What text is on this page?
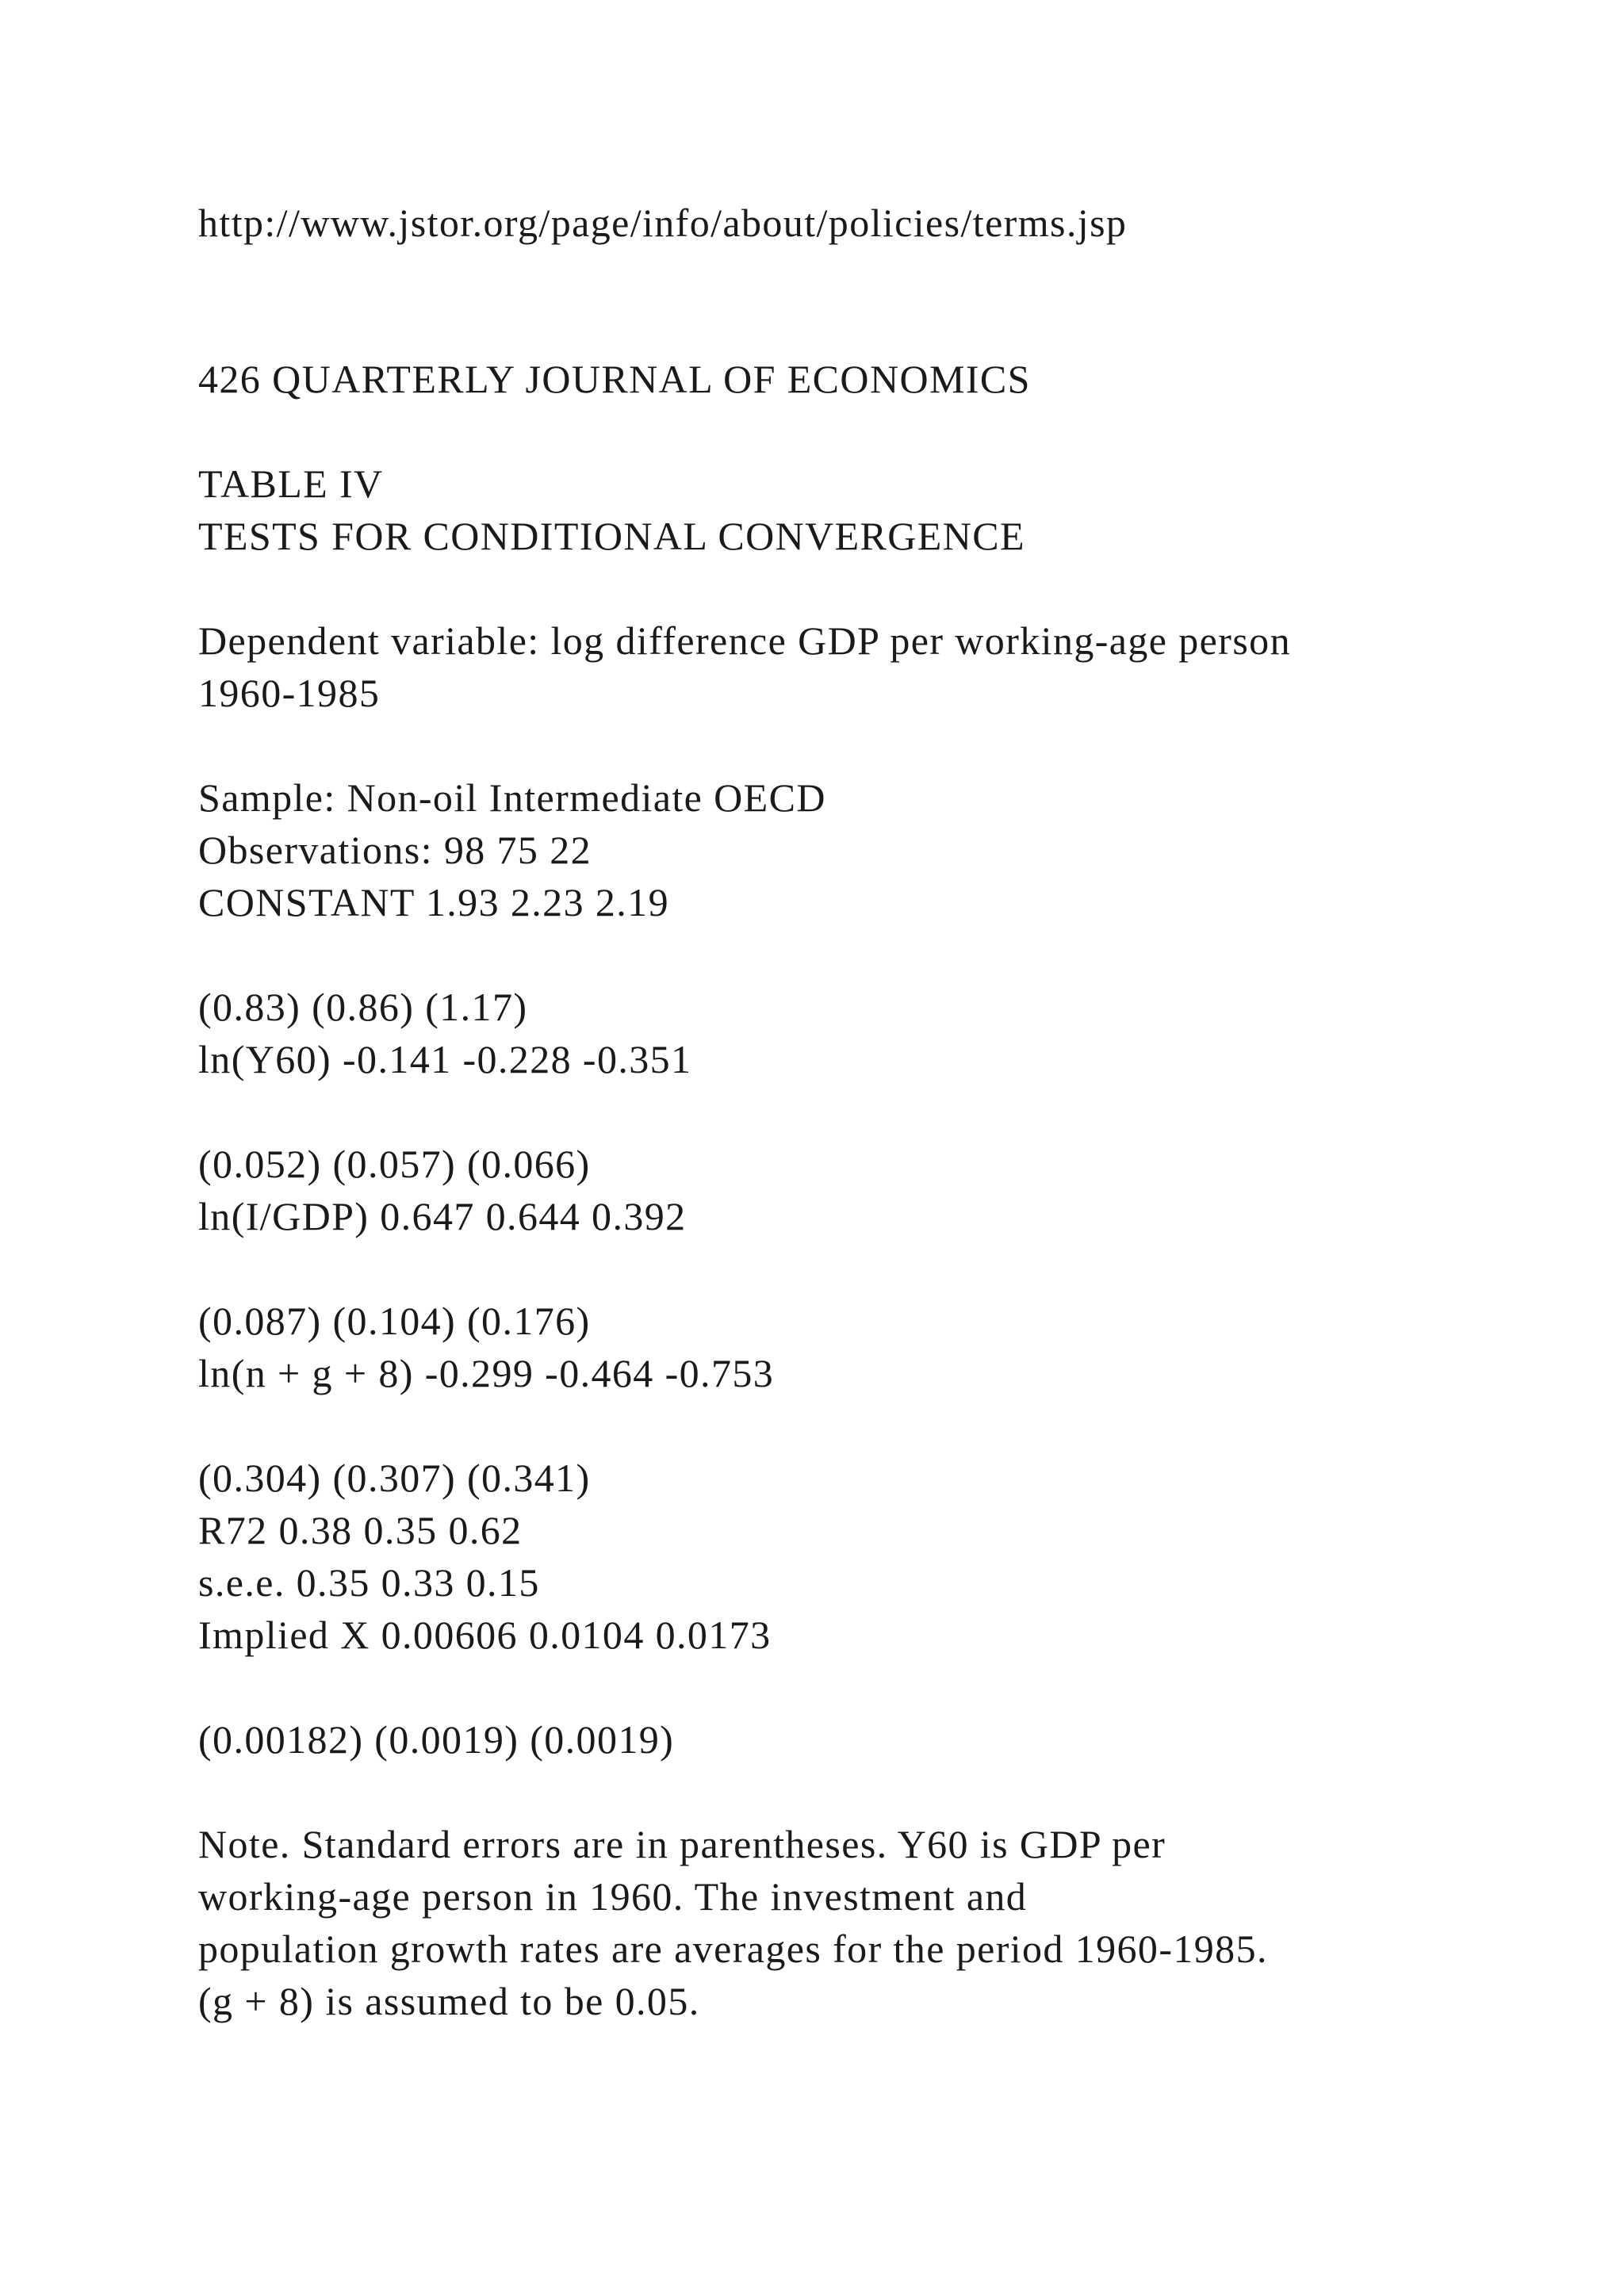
http://www.jstor.org/page/info/about/policies/terms.jsp

426 QUARTERLY JOURNAL OF ECONOMICS

TABLE IV

TESTS FOR CONDITIONAL CONVERGENCE

Dependent variable: log difference GDP per working-age person

1960-1985

Sample: Non-oil Intermediate OECD

Observations: 98 75 22

CONSTANT 1.93 2.23 2.19

(0.83) (0.86) (1.17)

ln(Y60) -0.141 -0.228 -0.351

(0.052) (0.057) (0.066)

ln(I/GDP) 0.647 0.644 0.392

(0.087) (0.104) (0.176)

ln(n + g + 8) -0.299 -0.464 -0.753

(0.304) (0.307) (0.341)

R72 0.38 0.35 0.62

s.e.e. 0.35 0.33 0.15

Implied X 0.00606 0.0104 0.0173

(0.00182) (0.0019) (0.0019)

Note. Standard errors are in parentheses. Y60 is GDP per

working-age person in 1960. The investment and

population growth rates are averages for the period 1960-1985.

(g + 8) is assumed to be 0.05.
